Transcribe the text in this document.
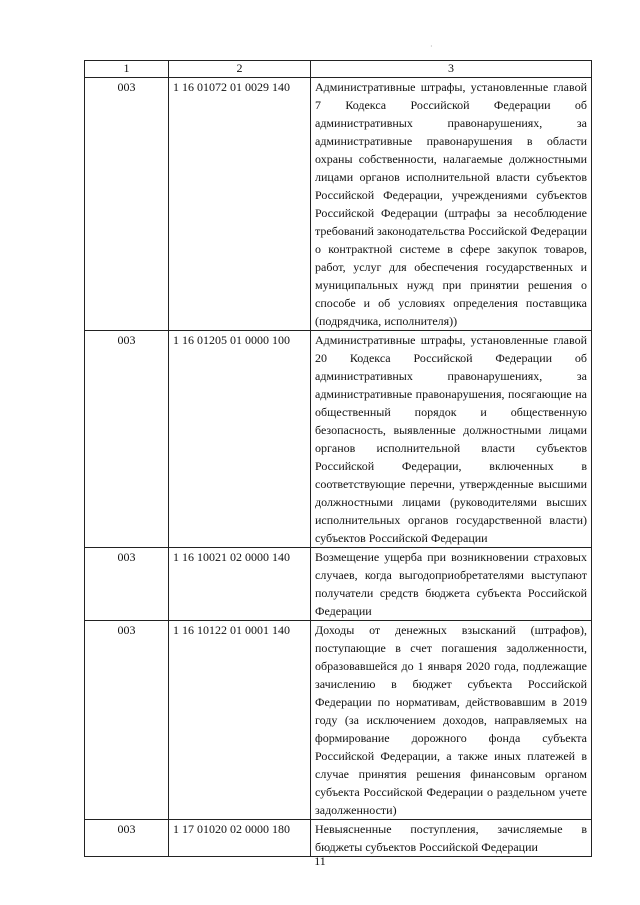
·
1	2	3
003	1 16 01072 01 0029 140	Административные штрафы, установленные главой 7 Кодекса Российской Федерации об административных правонарушениях, за административные правонарушения в области охраны собственности, налагаемые должностными лицами органов исполнительной власти субъектов Российской Федерации, учреждениями субъектов Российской Федерации (штрафы за несоблюдение требований законодательства Российской Федерации о контрактной системе в сфере закупок товаров, работ, услуг для обеспечения государственных и муниципальных нужд при принятии решения о способе и об условиях определения поставщика (подрядчика, исполнителя))
003	1 16 01205 01 0000 100	Административные штрафы, установленные главой 20 Кодекса Российской Федерации об административных правонарушениях, за административные правонарушения, посягающие на общественный порядок и общественную безопасность, выявленные должностными лицами органов исполнительной власти субъектов Российской Федерации, включенных в соответствующие перечни, утвержденные высшими должностными лицами (руководителями высших исполнительных органов государственной власти) субъектов Российской Федерации
003	1 16 10021 02 0000 140	Возмещение ущерба при возникновении страховых случаев, когда выгодоприобретателями выступают получатели средств бюджета субъекта Российской Федерации
003	1 16 10122 01 0001 140	Доходы от денежных взысканий (штрафов), поступающие в счет погашения задолженности, образовавшейся до 1 января 2020 года, подлежащие зачислению в бюджет субъекта Российской Федерации по нормативам, действовавшим в 2019 году (за исключением доходов, направляемых на формирование дорожного фонда субъекта Российской Федерации, а также иных платежей в случае принятия решения финансовым органом субъекта Российской Федерации о раздельном учете задолженности)
003	1 17 01020 02 0000 180	Невыясненные поступления, зачисляемые в бюджеты субъектов Российской Федерации
11
